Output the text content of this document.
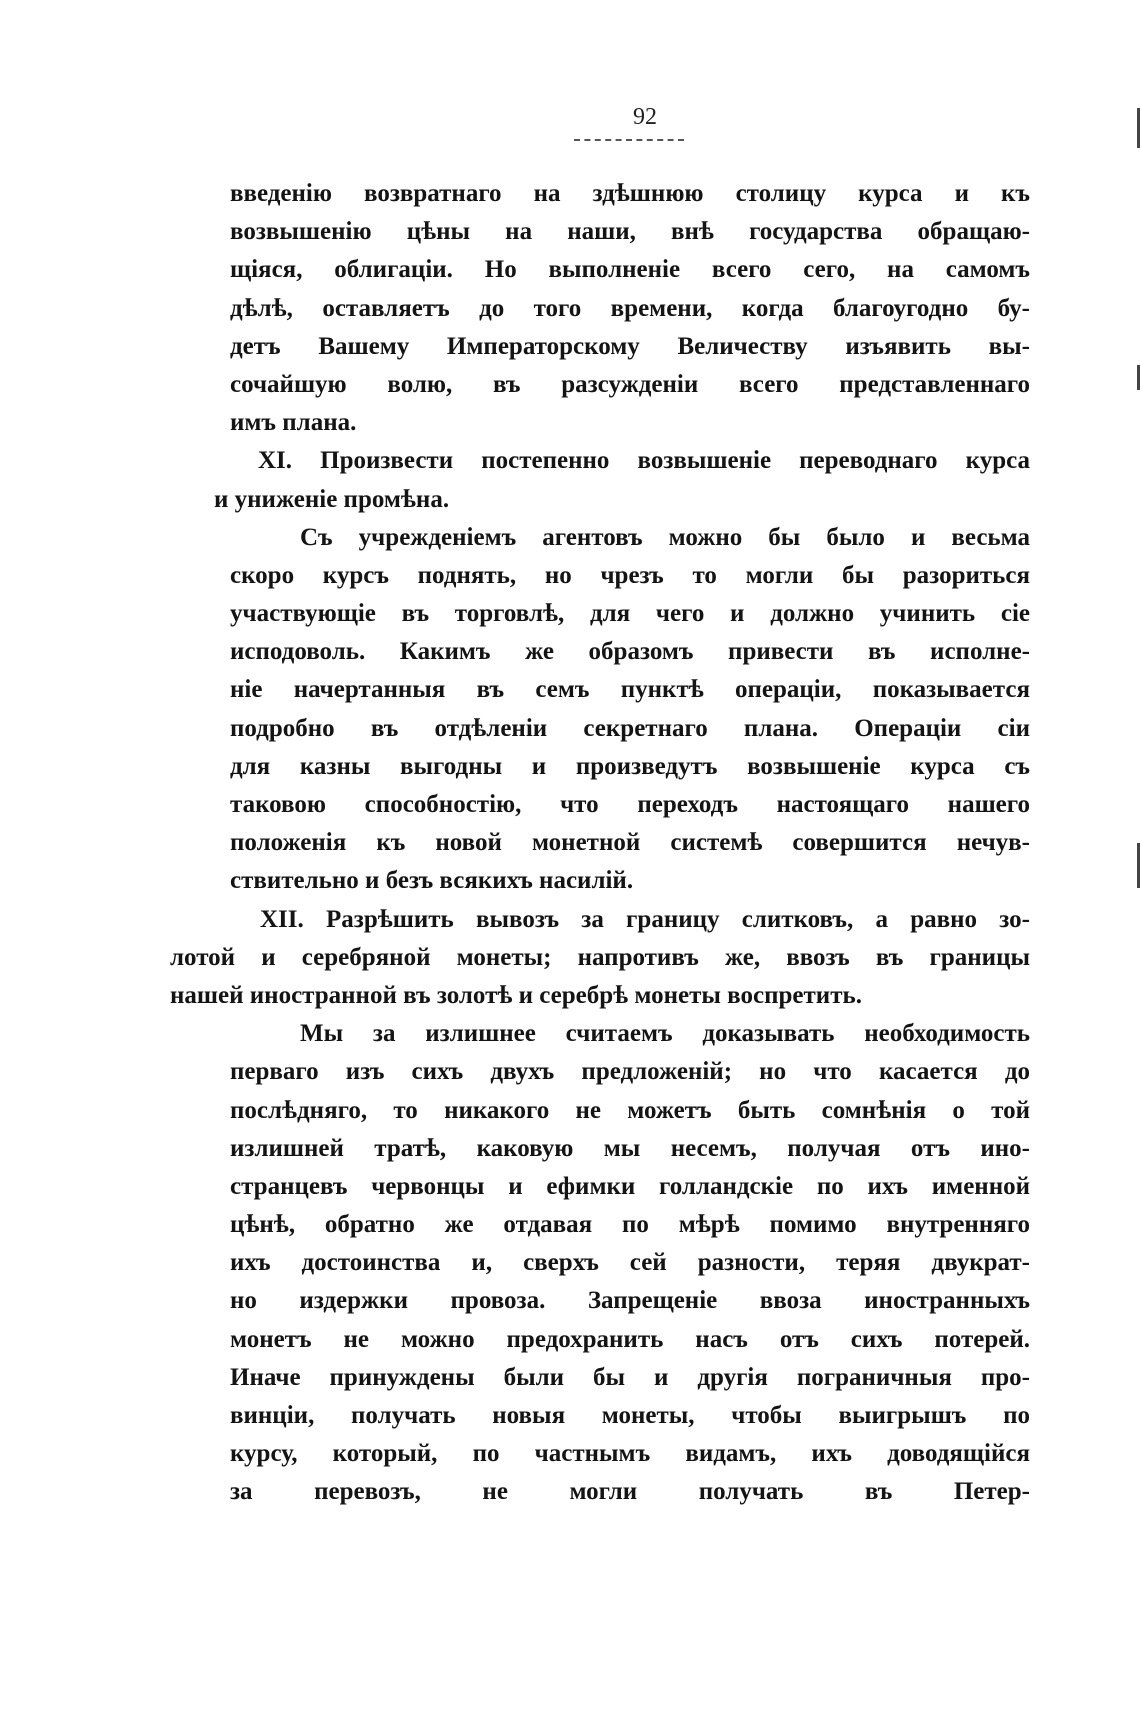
92
введенію возвратнаго на здѣшнюю столицу курса и къ
возвышенію цѣны на наши, внѣ государства обращаю-
щіяся, облигаціи. Но выполненіе всего сего, на самомъ
дѣлѣ, оставляетъ до того времени, когда благоугодно бу-
детъ Вашему Императорскому Величеству изъявить вы-
сочайшую волю, въ разсужденіи всего представленнаго
имъ плана.
XI. Произвести постепенно возвышеніе переводнаго курса
и униженіе промѣна.
Съ учрежденіемъ агентовъ можно бы было и весьма
скоро курсъ поднять, но чрезъ то могли бы разориться
участвующіе въ торговлѣ, для чего и должно учинить сіе
исподоволь. Какимъ же образомъ привести въ исполне-
ніе начертанныя въ семъ пунктѣ операціи, показывается
подробно въ отдѣленіи секретнаго плана. Операціи сіи
для казны выгодны и произведутъ возвышеніе курса съ
таковою способностію, что переходъ настоящаго нашего
положенія къ новой монетной системѣ совершится нечув-
ствительно и безъ всякихъ насилій.
XII. Разрѣшить вывозъ за границу слитковъ, а равно зо-
лотой и серебряной монеты; напротивъ же, ввозъ въ границы
нашей иностранной въ золотѣ и серебрѣ монеты воспретить.
Мы за излишнее считаемъ доказывать необходимость
перваго изъ сихъ двухъ предложеній; но что касается до
послѣдняго, то никакого не можетъ быть сомнѣнія о той
излишней тратѣ, каковую мы несемъ, получая отъ ино-
странцевъ червонцы и ефимки голландскіе по ихъ именной
цѣнѣ, обратно же отдавая по мѣрѣ помимо внутренняго
ихъ достоинства и, сверхъ сей разности, теряя двукрат-
но издержки провоза. Запрещеніе ввоза иностранныхъ
монетъ не можно предохранить насъ отъ сихъ потерей.
Иначе принуждены были бы и другія пограничныя про-
винціи, получать новыя монеты, чтобы выигрышъ по
курсу, который, по частнымъ видамъ, ихъ доводящійся
за перевозъ, не могли получать въ Петер-
